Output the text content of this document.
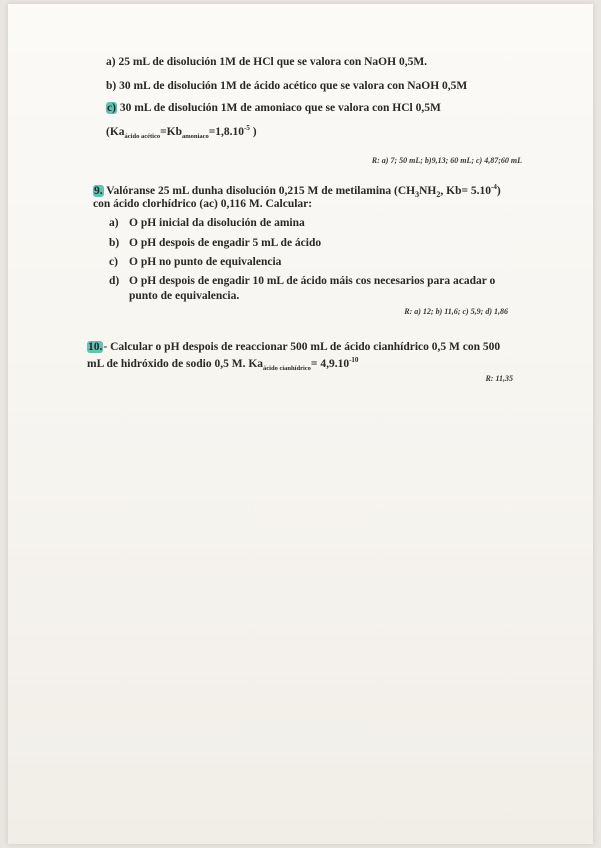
a) 25 mL de disolución 1M de HCl que se valora con NaOH 0,5M.
b) 30 mL de disolución 1M de ácido acético que se valora con NaOH 0,5M
c) 30 mL de disolución 1M de amoniaco que se valora con HCl 0,5M
($Ka_{ácido acético}=Kb_{amoniaco}=1,8.10^{-5}$ )
R: a) 7; 50 mL; b)9,13; 60 mL; c) 4,87;60 mL
9. Valóranse 25 mL dunha disolución 0,215 M de metilamina ($CH_3NH_2$, $Kb= 5.10^{-4}$)
con ácido clorhídrico (ac) 0,116 M. Calcular:
a) O pH inicial da disolución de amina
b) O pH despois de engadir 5 mL de ácido
c) O pH no punto de equivalencia
d) O pH despois de engadir 10 mL de ácido máis cos necesarios para acadar o
punto de equivalencia.
R: a) 12; b) 11,6; c) 5,9; d) 1,86
10.- Calcular o pH despois de reaccionar 500 mL de ácido cianhídrico 0,5 M con 500
mL de hidróxido de sodio 0,5 M. $Ka_{ácido cianhídrico}= 4,9.10^{-10}$
R: 11,35
